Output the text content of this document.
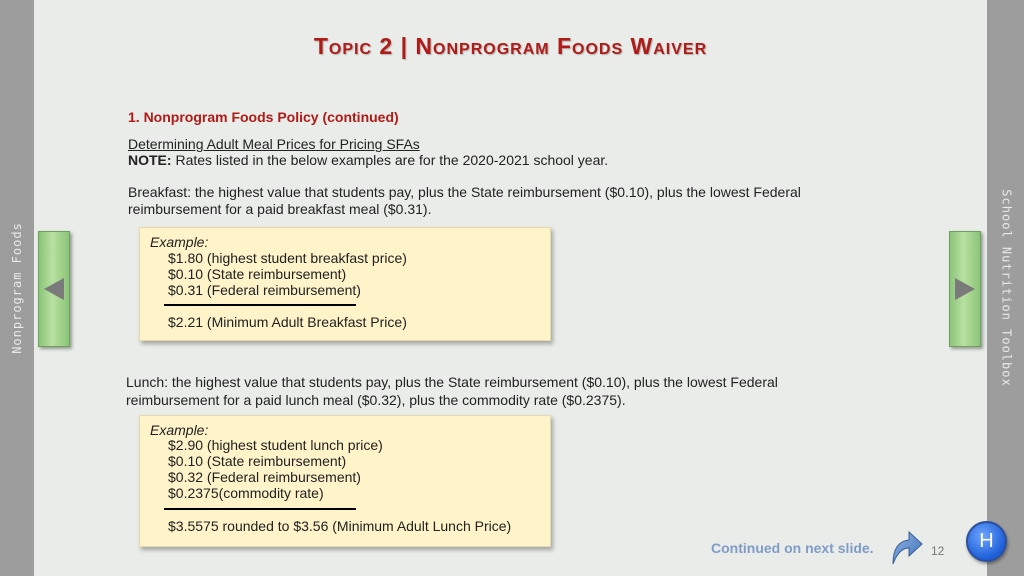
Nonprogram Foods
Topic 2 | Nonprogram Foods Waiver
School Nutrition Toolbox
1. Nonprogram Foods Policy (continued)
Determining Adult Meal Prices for Pricing SFAs
NOTE: Rates listed in the below examples are for the 2020-2021 school year.
Breakfast: the highest value that students pay, plus the State reimbursement ($0.10), plus the lowest Federal reimbursement for a paid breakfast meal ($0.31).
Example:
$1.80 (highest student breakfast price)
$0.10 (State reimbursement)
$0.31 (Federal reimbursement)
$2.21 (Minimum Adult Breakfast Price)
Lunch: the highest value that students pay, plus the State reimbursement ($0.10), plus the lowest Federal reimbursement for a paid lunch meal ($0.32), plus the commodity rate ($0.2375).
Example:
$2.90 (highest student lunch price)
$0.10 (State reimbursement)
$0.32 (Federal reimbursement)
$0.2375(commodity rate)
$3.5575 rounded to $3.56 (Minimum Adult Lunch Price)
Continued on next slide.	12	H
